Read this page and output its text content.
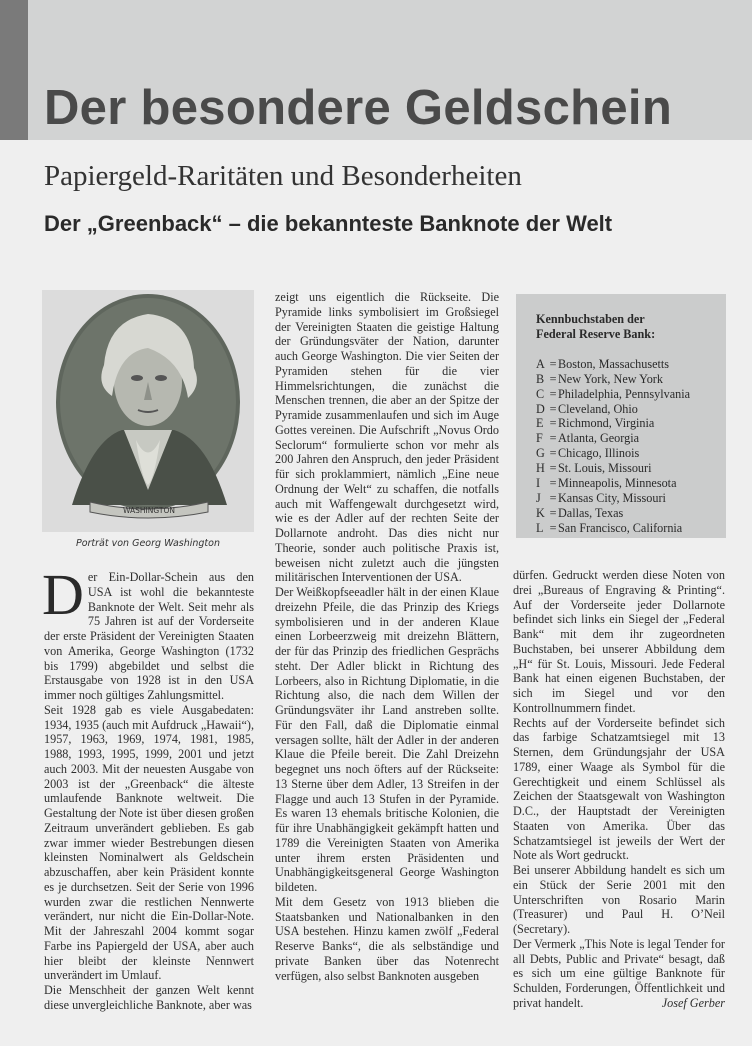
Der besondere Geldschein
Papiergeld-Raritäten und Besonderheiten
Der „Greenback“ – die bekannteste Banknote der Welt
WASHINGTON
Porträt von Georg Washington

Der Ein-Dollar-Schein aus den USA ist wohl die bekannteste Banknote der Welt. Seit mehr als 75 Jahren ist auf der Vorderseite der erste Präsident der Vereinigten Staaten von Amerika, George Washington (1732 bis 1799) abgebildet und selbst die Erstausgabe von 1928 ist in den USA immer noch gültiges Zahlungsmittel.

Seit 1928 gab es viele Ausgabedaten: 1934, 1935 (auch mit Aufdruck „Hawaii“), 1957, 1963, 1969, 1974, 1981, 1985, 1988, 1993, 1995, 1999, 2001 und jetzt auch 2003. Mit der neuesten Ausgabe von 2003 ist der „Greenback“ die älteste umlaufende Banknote weltweit. Die Gestaltung der Note ist über diesen großen Zeitraum unverändert geblieben. Es gab zwar immer wieder Bestrebungen diesen kleinsten Nominalwert als Geldschein abzuschaffen, aber kein Präsident konnte es je durchsetzen. Seit der Serie von 1996 wurden zwar die restlichen Nennwerte verändert, nur nicht die Ein-Dollar-Note. Mit der Jahreszahl 2004 kommt sogar Farbe ins Papiergeld der USA, aber auch hier bleibt der kleinste Nennwert unverändert im Umlauf.

Die Menschheit der ganzen Welt kennt diese unvergleichliche Banknote, aber was

zeigt uns eigentlich die Rückseite. Die Pyramide links symbolisiert im Großsiegel der Vereinigten Staaten die geistige Haltung der Gründungsväter der Nation, darunter auch George Washington. Die vier Seiten der Pyramiden stehen für die vier Himmelsrichtungen, die zunächst die Menschen trennen, die aber an der Spitze der Pyramide zusammenlaufen und sich im Auge Gottes vereinen. Die Aufschrift „Novus Ordo Seclorum“ formulierte schon vor mehr als 200 Jahren den Anspruch, den jeder Präsident für sich proklammiert, nämlich „Eine neue Ordnung der Welt“ zu schaffen, die notfalls auch mit Waffengewalt durchgesetzt wird, wie es der Adler auf der rechten Seite der Dollarnote androht. Das dies nicht nur Theorie, sonder auch politische Praxis ist, beweisen nicht zuletzt auch die jüngsten militärischen Interventionen der USA.

Der Weißkopfseeadler hält in der einen Klaue dreizehn Pfeile, die das Prinzip des Kriegs symbolisieren und in der anderen Klaue einen Lorbeerzweig mit dreizehn Blättern, der für das Prinzip des friedlichen Gesprächs steht. Der Adler blickt in Richtung des Lorbeers, also in Richtung Diplomatie, in die Richtung also, die nach dem Willen der Gründungsväter ihr Land anstreben sollte. Für den Fall, daß die Diplomatie einmal versagen sollte, hält der Adler in der anderen Klaue die Pfeile bereit. Die Zahl Dreizehn begegnet uns noch öfters auf der Rückseite: 13 Sterne über dem Adler, 13 Streifen in der Flagge und auch 13 Stufen in der Pyramide. Es waren 13 ehemals britische Kolonien, die für ihre Unabhängigkeit gekämpft hatten und 1789 die Vereinigten Staaten von Amerika unter ihrem ersten Präsidenten und Unabhängigkeitsgeneral George Washington bildeten.

Mit dem Gesetz von 1913 blieben die Staatsbanken und Nationalbanken in den USA bestehen. Hinzu kamen zwölf „Federal Reserve Banks“, die als selbständige und private Banken über das Notenrecht verfügen, also selbst Banknoten ausgeben

Kennbuchstaben der
Federal Reserve Bank:
A = Boston, Massachusetts
B = New York, New York
C = Philadelphia, Pennsylvania
D = Cleveland, Ohio
E = Richmond, Virginia
F = Atlanta, Georgia
G = Chicago, Illinois
H = St. Louis, Missouri
I = Minneapolis, Minnesota
J = Kansas City, Missouri
K = Dallas, Texas
L = San Francisco, California

dürfen. Gedruckt werden diese Noten von drei „Bureaus of Engraving & Printing“. Auf der Vorderseite jeder Dollarnote befindet sich links ein Siegel der „Federal Bank“ mit dem ihr zugeordneten Buchstaben, bei unserer Abbildung dem „H“ für St. Louis, Missouri. Jede Federal Bank hat einen eigenen Buchstaben, der sich im Siegel und vor den Kontrollnummern findet.

Rechts auf der Vorderseite befindet sich das farbige Schatzamtsiegel mit 13 Sternen, dem Gründungsjahr der USA 1789, einer Waage als Symbol für die Gerechtigkeit und einem Schlüssel als Zeichen der Staatsgewalt von Washington D.C., der Hauptstadt der Vereinigten Staaten von Amerika. Über das Schatzamtsiegel ist jeweils der Wert der Note als Wort gedruckt.

Bei unserer Abbildung handelt es sich um ein Stück der Serie 2001 mit den Unterschriften von Rosario Marin (Treasurer) und Paul H. O’Neil (Secretary).

Der Vermerk „This Note is legal Tender for all Debts, Public and Private“ besagt, daß es sich um eine gültige Banknote für Schulden, Forderungen, Öffentlichkeit und privat handelt.	Josef Gerber
